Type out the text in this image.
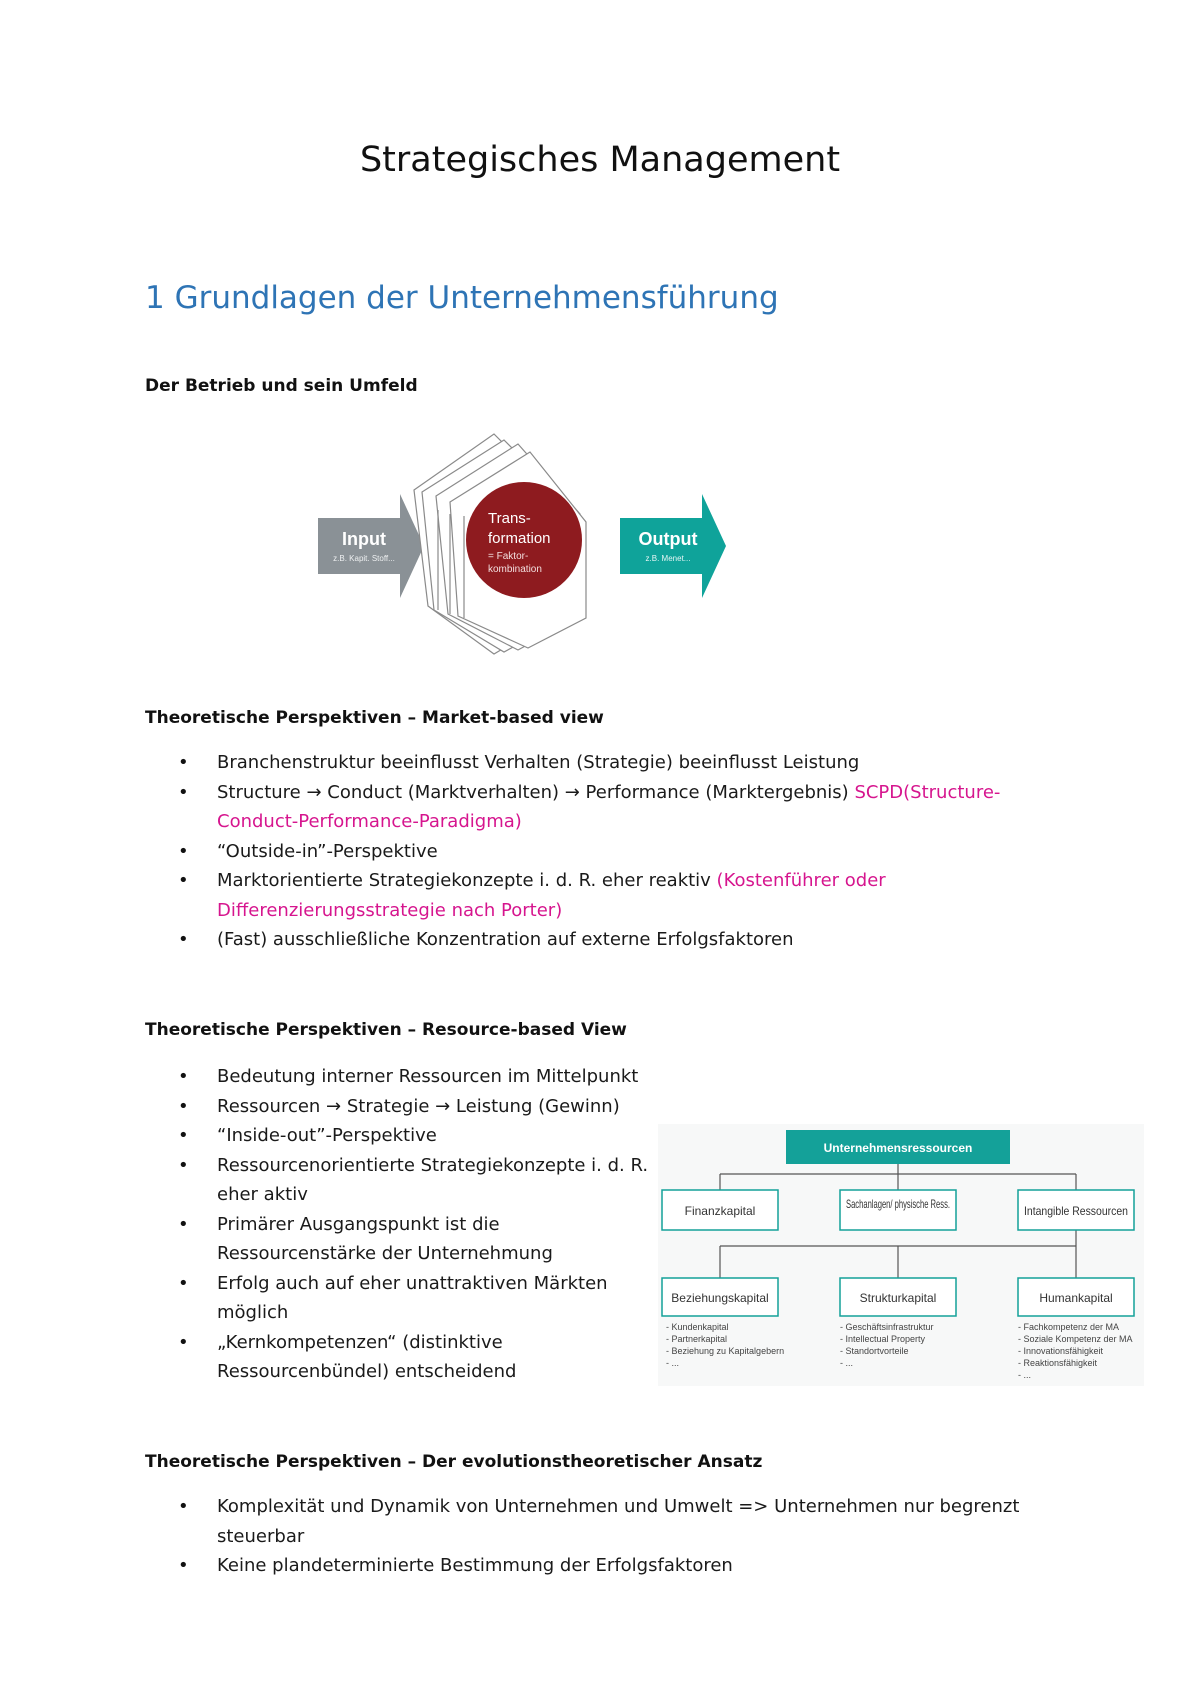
Strategisches Management
1 Grundlagen der Unternehmensführung
Der Betrieb und sein Umfeld
Input
z.B. Kapit. Stoff...
Trans-
formation
= Faktor-
kombination
Output
z.B. Menet...
Theoretische Perspektiven – Market-based view
• Branchenstruktur beeinflusst Verhalten (Strategie) beeinflusst Leistung
• Structure → Conduct (Marktverhalten) → Performance (Marktergebnis) SCPD(Structure-Conduct-Performance-Paradigma)
• “Outside-in”-Perspektive
• Marktorientierte Strategiekonzepte i. d. R. eher reaktiv (Kostenführer oder Differenzierungsstrategie nach Porter)
• (Fast) ausschließliche Konzentration auf externe Erfolgsfaktoren
Theoretische Perspektiven – Resource-based View
• Bedeutung interner Ressourcen im Mittelpunkt
• Ressourcen → Strategie → Leistung (Gewinn)
• “Inside-out”-Perspektive
• Ressourcenorientierte Strategiekonzepte i. d. R. eher aktiv
• Primärer Ausgangspunkt ist die Ressourcenstärke der Unternehmung
• Erfolg auch auf eher unattraktiven Märkten möglich
• „Kernkompetenzen“ (distinktive Ressourcenbündel) entscheidend
Unternehmensressourcen
Finanzkapital	Sachanlagen/ physische Ress.	Intangible Ressourcen
Beziehungskapital	Strukturkapital	Humankapital
- Kundenkapital
- Partnerkapital
- Beziehung zu Kapitalgebern
- ...
- Geschäftsinfrastruktur
- Intellectual Property
- Standortvorteile
- ...
- Fachkompetenz der MA
- Soziale Kompetenz der MA
- Innovationsfähigkeit
- Reaktionsfähigkeit
- ...
Theoretische Perspektiven – Der evolutionstheoretischer Ansatz
• Komplexität und Dynamik von Unternehmen und Umwelt => Unternehmen nur begrenzt steuerbar
• Keine plandeterminierte Bestimmung der Erfolgsfaktoren
